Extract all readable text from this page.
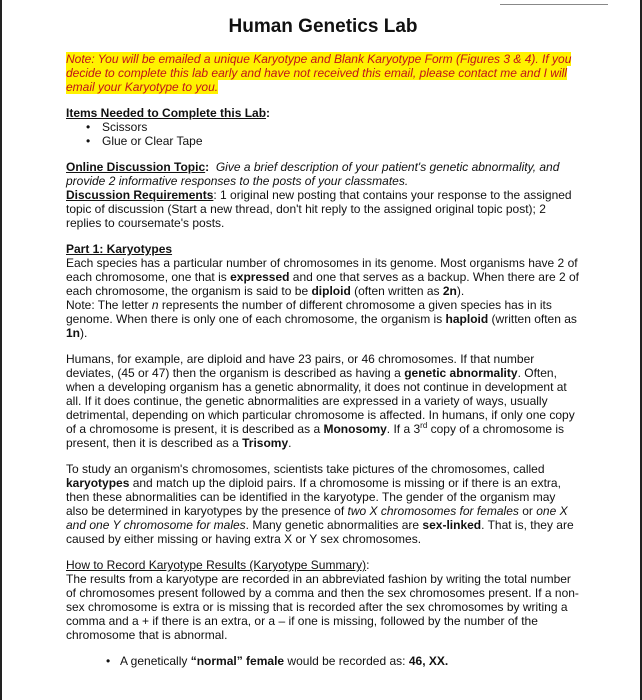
Human Genetics Lab
Note: You will be emailed a unique Karyotype and Blank Karyotype Form (Figures 3 & 4). If you decide to complete this lab early and have not received this email, please contact me and I will email your Karyotype to you.
Items Needed to Complete this Lab:
• Scissors
• Glue or Clear Tape

Online Discussion Topic: Give a brief description of your patient's genetic abnormality, and provide 2 informative responses to the posts of your classmates.

Discussion Requirements: 1 original new posting that contains your response to the assigned topic of discussion (Start a new thread, don't hit reply to the assigned original topic post); 2 replies to coursemate's posts.

Part 1: Karyotypes

Each species has a particular number of chromosomes in its genome. Most organisms have 2 of each chromosome, one that is expressed and one that serves as a backup. When there are 2 of each chromosome, the organism is said to be diploid (often written as 2n).

Note: The letter n represents the number of different chromosome a given species has in its genome. When there is only one of each chromosome, the organism is haploid (written often as 1n).

Humans, for example, are diploid and have 23 pairs, or 46 chromosomes. If that number deviates, (45 or 47) then the organism is described as having a genetic abnormality. Often, when a developing organism has a genetic abnormality, it does not continue in development at all. If it does continue, the genetic abnormalities are expressed in a variety of ways, usually detrimental, depending on which particular chromosome is affected. In humans, if only one copy of a chromosome is present, it is described as a Monosomy. If a 3rd copy of a chromosome is present, then it is described as a Trisomy.

To study an organism's chromosomes, scientists take pictures of the chromosomes, called karyotypes and match up the diploid pairs. If a chromosome is missing or if there is an extra, then these abnormalities can be identified in the karyotype. The gender of the organism may also be determined in karyotypes by the presence of two X chromosomes for females or one X and one Y chromosome for males. Many genetic abnormalities are sex-linked. That is, they are caused by either missing or having extra X or Y sex chromosomes.

How to Record Karyotype Results (Karyotype Summary):

The results from a karyotype are recorded in an abbreviated fashion by writing the total number of chromosomes present followed by a comma and then the sex chromosomes present. If a non-sex chromosome is extra or is missing that is recorded after the sex chromosomes by writing a comma and a + if there is an extra, or a – if one is missing, followed by the number of the chromosome that is abnormal.

• A genetically “normal” female would be recorded as: 46, XX.
